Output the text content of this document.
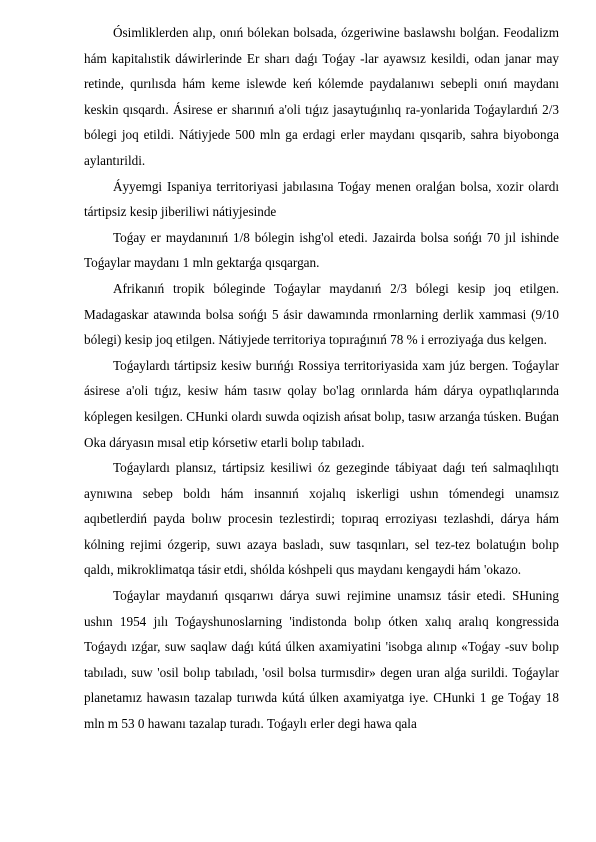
Ósimliklerden alıp, onıń bólekan bolsada, ózgeriwine baslawshı bolǵan. Feodalizm hám kapitalıstik dáwirlerinde Er sharı daǵı Toǵay -lar ayawsız kesildi, odan janar may retinde, qurılısda hám keme islewde keń kólemde paydalanıwı sebepli onıń maydanı keskin qısqardı. Ásirese er sharınıń a'oli tıǵız jasaytuǵınlıq ra-yonlarida Toǵaylardıń 2/3 bólegi joq etildi. Nátiyjede 500 mln ga erdagi erler maydanı qısqarib, sahra biyobonga aylantırildi.

Áyyemgi Ispaniya territoriyasi jabılasına Toǵay menen oralǵan bolsa, xozir olardı tártipsiz kesip jiberiliwi nátiyjesinde

Toǵay er maydanınıń 1/8 bólegin ishg'ol etedi. Jazairda bolsa sońǵı 70 jıl ishinde Toǵaylar maydanı 1 mln gektarǵa qısqargan.

Afrikanıń tropik bóleginde Toǵaylar maydanıń 2/3 bólegi kesip joq etilgen. Madagaskar atawında bolsa sońǵı 5 ásir dawamında rmonlarning derlik xammasi (9/10 bólegi) kesip joq etilgen. Nátiyjede territoriya topıraǵınıń 78 % i erroziyaǵa dus kelgen.

Toǵaylardı tártipsiz kesiw burıńǵı Rossiya territoriyasida xam júz bergen. Toǵaylar ásirese a'oli tıǵız, kesiw hám tasıw qolay bo'lag orınlarda hám dárya oypatlıqlarında kóplegen kesilgen. CHunki olardı suwda oqizish ańsat bolıp, tasıw arzanǵa túsken. Buǵan Oka dáryasın mısal etip kórsetiw etarli bolıp tabıladı.

Toǵaylardı plansız, tártipsiz kesiliwi óz gezeginde tábiyaat daǵı teń salmaqlılıqtı aynıwına sebep boldı hám insannıń xojalıq iskerligi ushın tómendegi unamsız aqıbetlerdiń payda bolıw procesin tezlestirdi; topıraq erroziyası tezlashdi, dárya hám kólning rejimi ózgerip, suwı azaya basladı, suw tasqınları, sel tez-tez bolatuǵın bolıp qaldı, mikroklimatqa tásir etdi, shólda kóshpeli qus maydanı kengaydi hám 'okazo.

Toǵaylar maydanıń qısqarıwı dárya suwi rejimine unamsız tásir etedi. SHuning ushın 1954 jılı Toǵayshunoslarning 'indistonda bolıp ótken xalıq aralıq kongressida Toǵaydı ızǵar, suw saqlaw daǵı kútá úlken axamiyatini 'isobga alınıp «Toǵay -suv bolıp tabıladı, suw 'osil bolıp tabıladı, 'osil bolsa turmısdir» degen uran alǵa surildi. Toǵaylar planetamız hawasın tazalap turıwda kútá úlken axamiyatga iye. CHunki 1 ge Toǵay 18 mln m 53 0 hawanı tazalap turadı. Toǵaylı erler degi hawa qala
